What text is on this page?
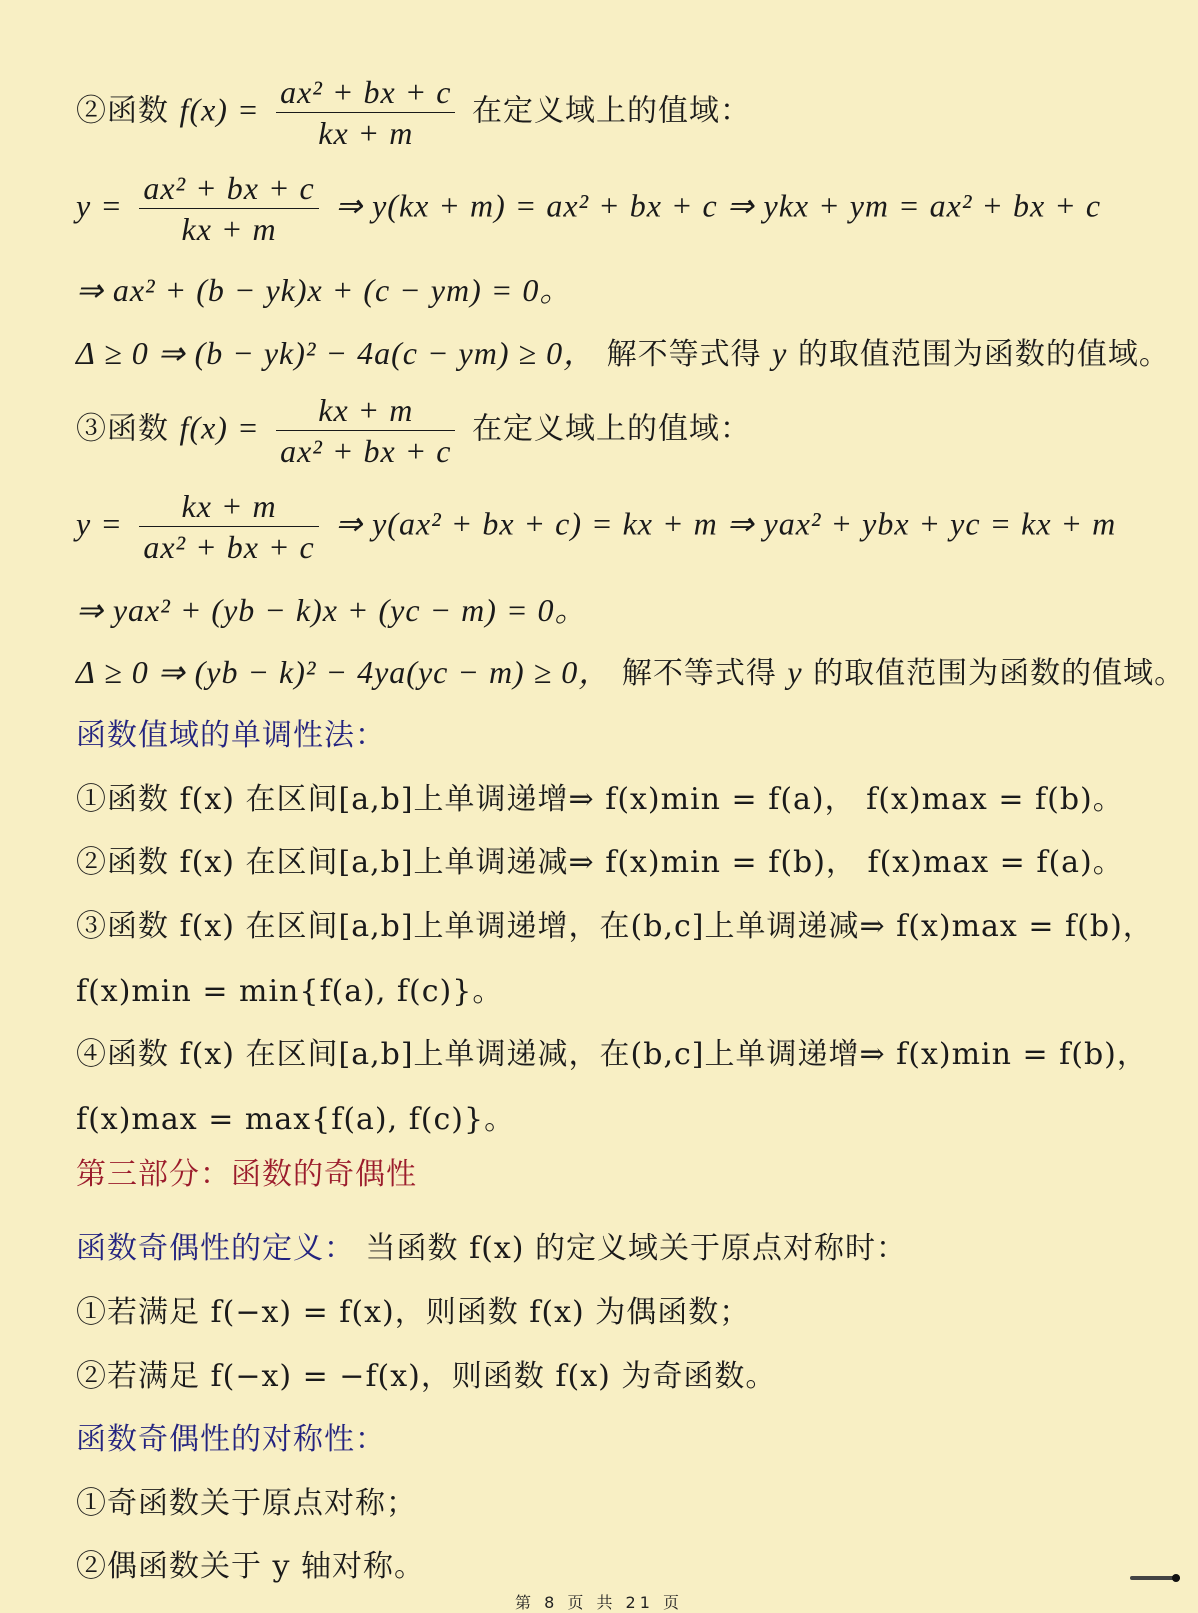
②函数 $f(x) = \frac{\text{ax² + bx + c}}{kx + m}$ 在定义域上的值域：
$y = \frac{\text{ax² + bx + c}}{kx + m}$ ⇒ y(kx + m) = ax² + bx + c ⇒ ykx + ym = ax² + bx + c
⇒ ax² + (b − yk)x + (c − ym) = 0。
Δ ≥ 0 ⇒ (b − yk)² − 4a(c − ym) ≥ 0， 解不等式得 y 的取值范围为函数的值域。
③函数 $f(x) = \frac{kx + m}{\text{ax² + bx + c}}$ 在定义域上的值域：
$y = \frac{kx + m}{\text{ax² + bx + c}}$ ⇒ y(ax² + bx + c) = kx + m ⇒ yax² + ybx + yc = kx + m
⇒ yax² + (yb − k)x + (yc − m) = 0。
Δ ≥ 0 ⇒ (yb − k)² − 4ya(yc − m) ≥ 0， 解不等式得 y 的取值范围为函数的值域。
函数值域的单调性法：
①函数 f(x) 在区间[a,b]上单调递增⇒ f(x)min = f(a)， f(x)max = f(b)。
②函数 f(x) 在区间[a,b]上单调递减⇒ f(x)min = f(b)， f(x)max = f(a)。
③函数 f(x) 在区间[a,b]上单调递增，在(b,c]上单调递减⇒ f(x)max = f(b)，
f(x)min = min{f(a), f(c)}。
④函数 f(x) 在区间[a,b]上单调递减，在(b,c]上单调递增⇒ f(x)min = f(b)，
f(x)max = max{f(a), f(c)}。
第三部分：函数的奇偶性
函数奇偶性的定义： 当函数 f(x) 的定义域关于原点对称时：
①若满足 f(−x) = f(x)，则函数 f(x) 为偶函数；
②若满足 f(−x) = −f(x)，则函数 f(x) 为奇函数。
函数奇偶性的对称性：
①奇函数关于原点对称；
②偶函数关于 y 轴对称。
第 8 页 共 21 页
